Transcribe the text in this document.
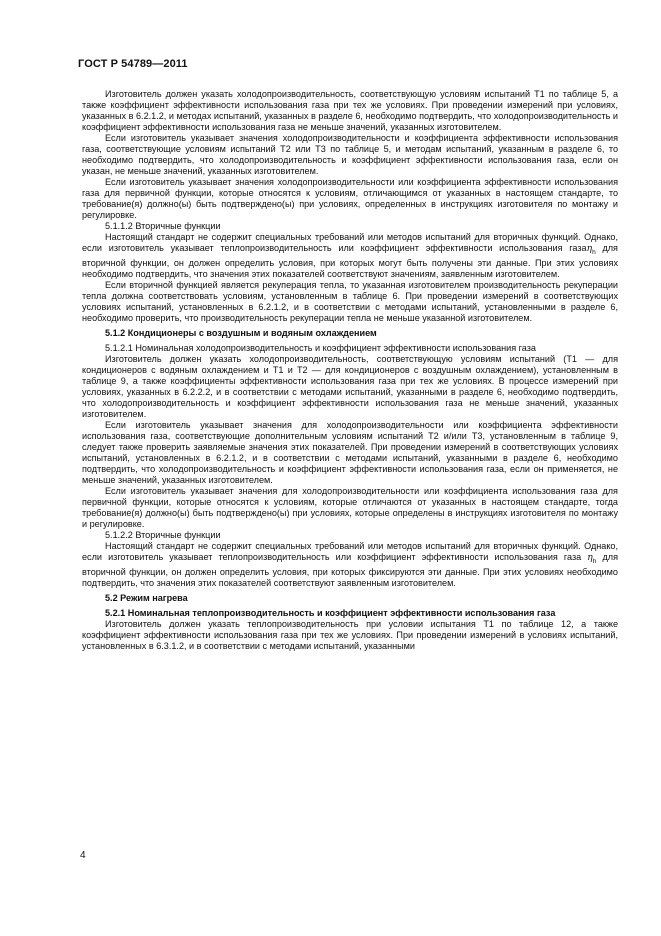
ГОСТ Р 54789—2011

Изготовитель должен указать холодопроизводительность, соответствующую условиям испытаний Т1 по таблице 5, а также коэффициент эффективности использования газа при тех же условиях. При проведении измерений при условиях, указанных в 6.2.1.2, и методах испытаний, указанных в разделе 6, необходимо подтвердить, что холодопроизводительность и коэффициент эффективности использования газа не меньше значений, указанных изготовителем.

Если изготовитель указывает значения холодопроизводительности и коэффициента эффективности использования газа, соответствующие условиям испытаний Т2 или Т3 по таблице 5, и методам испытаний, указанным в разделе 6, то необходимо подтвердить, что холодопроизводительность и коэффициент эффективности использования газа, если он указан, не меньше значений, указанных изготовителем.

Если изготовитель указывает значения холодопроизводительности или коэффициента эффективности использования газа для первичной функции, которые относятся к условиям, отличающимся от указанных в настоящем стандарте, то требование(я) должно(ы) быть подтверждено(ы) при условиях, определенных в инструкциях изготовителя по монтажу и регулировке.

5.1.1.2 Вторичные функции

Настоящий стандарт не содержит специальных требований или методов испытаний для вторичных функций. Однако, если изготовитель указывает теплопроизводительность или коэффициент эффективности использования газаη$_h$ для вторичной функции, он должен определить условия, при которых могут быть получены эти данные. При этих условиях необходимо подтвердить, что значения этих показателей соответствуют значениям, заявленным изготовителем.

Если вторичной функцией является рекуперация тепла, то указанная изготовителем производительность рекуперации тепла должна соответствовать условиям, установленным в таблице 6. При проведении измерений в соответствующих условиях испытаний, установленных в 6.2.1.2, и в соответствии с методами испытаний, установленными в разделе 6, необходимо проверить, что производительность рекуперации тепла не меньше указанной изготовителем.

5.1.2 Кондиционеры с воздушным и водяным охлаждением

5.1.2.1 Номинальная холодопроизводительность и коэффициент эффективности использования газа

Изготовитель должен указать холодопроизводительность, соответствующую условиям испытаний (Т1 — для кондиционеров с водяным охлаждением и Т1 и Т2 — для кондиционеров с воздушным охлаждением), установленным в таблице 9, а также коэффициенты эффективности использования газа при тех же условиях. В процессе измерений при условиях, указанных в 6.2.2.2, и в соответствии с методами испытаний, указанными в разделе 6, необходимо подтвердить, что холодопроизводительность и коэффициент эффективности использования газа не меньше значений, указанных изготовителем.

Если изготовитель указывает значения для холодопроизводительности или коэффициента эффективности использования газа, соответствующие дополнительным условиям испытаний Т2 и/или Т3, установленным в таблице 9, следует также проверить заявляемые значения этих показателей. При проведении измерений в соответствующих условиях испытаний, установленных в 6.2.1.2, и в соответствии с методами испытаний, указанными в разделе 6, необходимо подтвердить, что холодопроизводительность и коэффициент эффективности использования газа, если он применяется, не меньше значений, указанных изготовителем.

Если изготовитель указывает значения для холодопроизводительности или коэффициента использования газа для первичной функции, которые относятся к условиям, которые отличаются от указанных в настоящем стандарте, тогда требование(я) должно(ы) быть подтверждено(ы) при условиях, которые определены в инструкциях изготовителя по монтажу и регулировке.

5.1.2.2 Вторичные функции

Настоящий стандарт не содержит специальных требований или методов испытаний для вторичных функций. Однако, если изготовитель указывает теплопроизводительность или коэффициент эффективности использования газа $\eta_h$ для вторичной функции, он должен определить условия, при которых фиксируются эти данные. При этих условиях необходимо подтвердить, что значения этих показателей соответствуют заявленным изготовителем.

5.2 Режим нагрева

5.2.1 Номинальная теплопроизводительность и коэффициент эффективности использования газа

Изготовитель должен указать теплопроизводительность при условии испытания Т1 по таблице 12, а также коэффициент эффективности использования газа при тех же условиях. При проведении измерений в условиях испытаний, установленных в 6.3.1.2, и в соответствии с методами испытаний, указанными

4
